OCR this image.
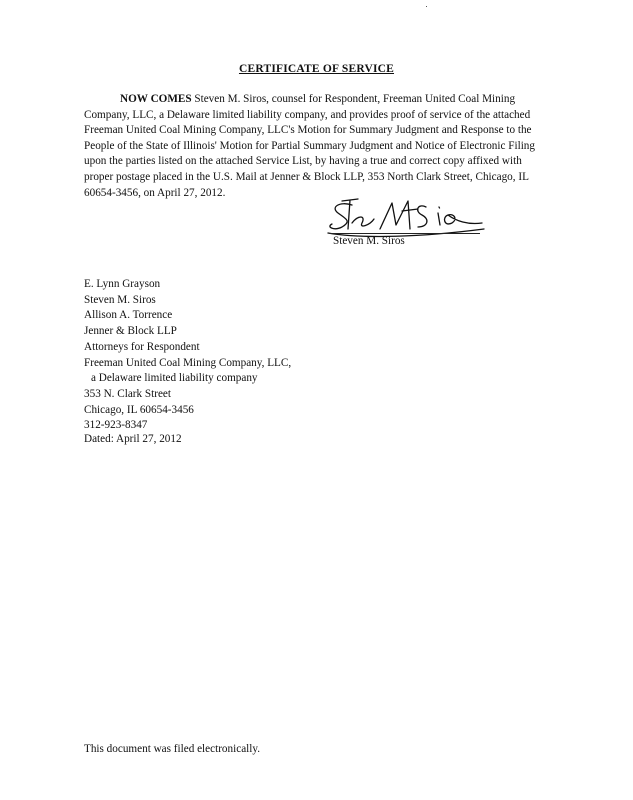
CERTIFICATE OF SERVICE
NOW COMES Steven M. Siros, counsel for Respondent, Freeman United Coal Mining Company, LLC, a Delaware limited liability company, and provides proof of service of the attached Freeman United Coal Mining Company, LLC's Motion for Summary Judgment and Response to the People of the State of Illinois' Motion for Partial Summary Judgment and Notice of Electronic Filing upon the parties listed on the attached Service List, by having a true and correct copy affixed with proper postage placed in the U.S. Mail at Jenner & Block LLP, 353 North Clark Street, Chicago, IL 60654-3456, on April 27, 2012.
Steven M. Siros
E. Lynn Grayson
Steven M. Siros
Allison A. Torrence
Jenner & Block LLP
Attorneys for Respondent
Freeman United Coal Mining Company, LLC,
a Delaware limited liability company
353 N. Clark Street
Chicago, IL 60654-3456
312-923-8347
Dated: April 27, 2012
This document was filed electronically.
